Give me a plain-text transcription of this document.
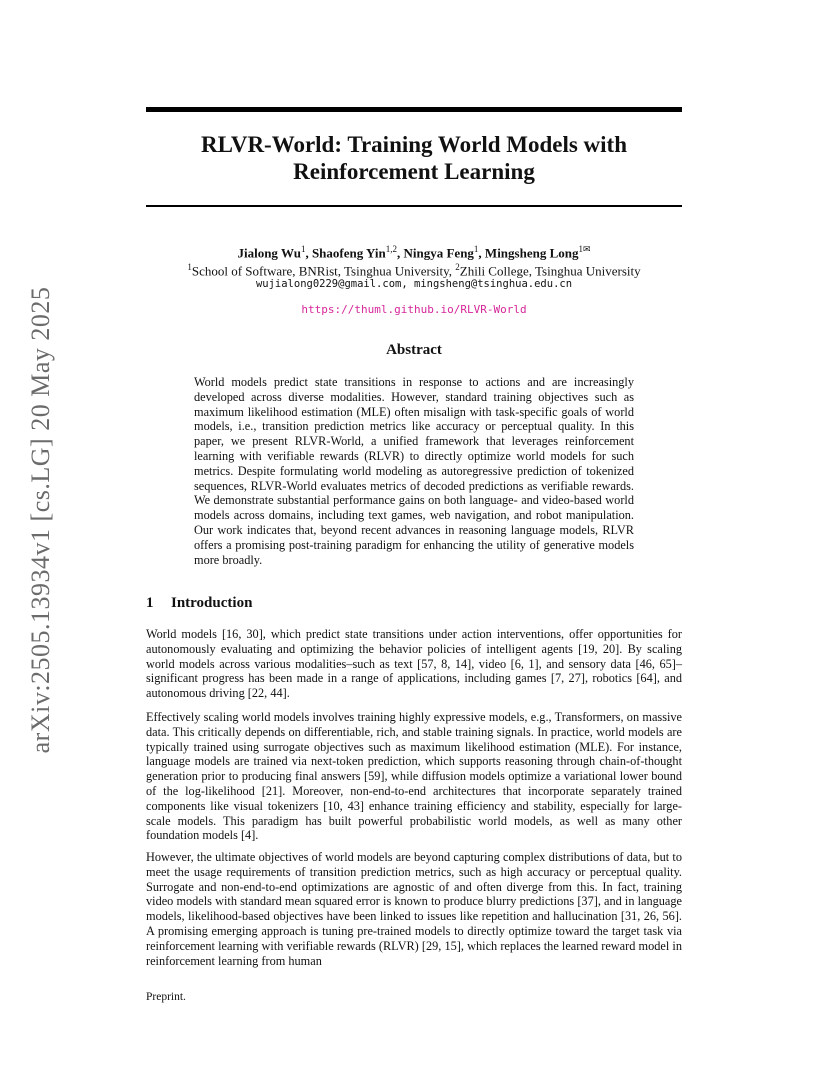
arXiv:2505.13934v1 [cs.LG] 20 May 2025
RLVR-World: Training World Models with
Reinforcement Learning
Jialong Wu$^1$, Shaofeng Yin$^{1,2}$, Ningya Feng$^1$, Mingsheng Long$^{1✉}$
$^1$School of Software, BNRist, Tsinghua University, $^2$Zhili College, Tsinghua University
wujialong0229@gmail.com, mingsheng@tsinghua.edu.cn
https://thuml.github.io/RLVR-World
Abstract
World models predict state transitions in response to actions and are increasingly developed across diverse modalities. However, standard training objectives such as maximum likelihood estimation (MLE) often misalign with task-specific goals of world models, i.e., transition prediction metrics like accuracy or perceptual quality. In this paper, we present RLVR-World, a unified framework that leverages reinforcement learning with verifiable rewards (RLVR) to directly optimize world models for such metrics. Despite formulating world modeling as autoregressive prediction of tokenized sequences, RLVR-World evaluates metrics of decoded predictions as verifiable rewards. We demonstrate substantial performance gains on both language- and video-based world models across domains, including text games, web navigation, and robot manipulation. Our work indicates that, beyond recent advances in reasoning language models, RLVR offers a promising post-training paradigm for enhancing the utility of generative models more broadly.
1 Introduction
World models [16, 30], which predict state transitions under action interventions, offer opportunities for autonomously evaluating and optimizing the behavior policies of intelligent agents [19, 20]. By scaling world models across various modalities–such as text [57, 8, 14], video [6, 1], and sensory data [46, 65]–significant progress has been made in a range of applications, including games [7, 27], robotics [64], and autonomous driving [22, 44].
Effectively scaling world models involves training highly expressive models, e.g., Transformers, on massive data. This critically depends on differentiable, rich, and stable training signals. In practice, world models are typically trained using surrogate objectives such as maximum likelihood estimation (MLE). For instance, language models are trained via next-token prediction, which supports reasoning through chain-of-thought generation prior to producing final answers [59], while diffusion models optimize a variational lower bound of the log-likelihood [21]. Moreover, non-end-to-end architectures that incorporate separately trained components like visual tokenizers [10, 43] enhance training efficiency and stability, especially for large-scale models. This paradigm has built powerful probabilistic world models, as well as many other foundation models [4].
However, the ultimate objectives of world models are beyond capturing complex distributions of data, but to meet the usage requirements of transition prediction metrics, such as high accuracy or perceptual quality. Surrogate and non-end-to-end optimizations are agnostic of and often diverge from this. In fact, training video models with standard mean squared error is known to produce blurry predictions [37], and in language models, likelihood-based objectives have been linked to issues like repetition and hallucination [31, 26, 56]. A promising emerging approach is tuning pre-trained models to directly optimize toward the target task via reinforcement learning with verifiable rewards (RLVR) [29, 15], which replaces the learned reward model in reinforcement learning from human
Preprint.
